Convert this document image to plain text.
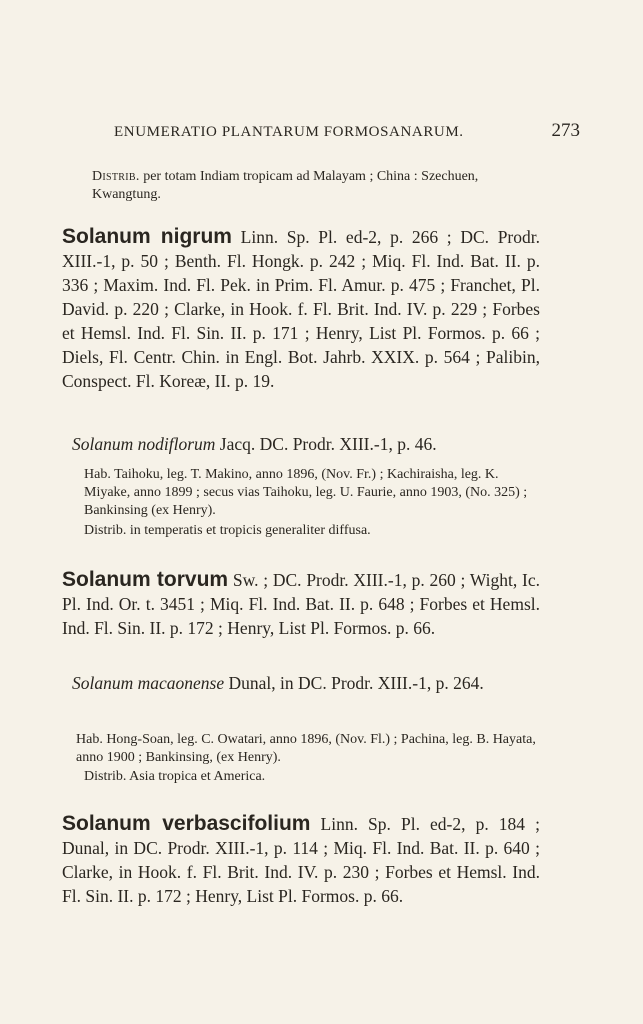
ENUMERATIO PLANTARUM FORMOSANARUM.	273
Distrib. per totam Indiam tropicam ad Malayam ; China : Szechuen, Kwangtung.
Solanum nigrum Linn. Sp. Pl. ed-2, p. 266 ; DC. Prodr. XIII.-1, p. 50 ; Benth. Fl. Hongk. p. 242 ; Miq. Fl. Ind. Bat. II. p. 336 ; Maxim. Ind. Fl. Pek. in Prim. Fl. Amur. p. 475 ; Franchet, Pl. David. p. 220 ; Clarke, in Hook. f. Fl. Brit. Ind. IV. p. 229 ; Forbes et Hemsl. Ind. Fl. Sin. II. p. 171 ; Henry, List Pl. Formos. p. 66 ; Diels, Fl. Centr. Chin. in Engl. Bot. Jahrb. XXIX. p. 564 ; Palibin, Conspect. Fl. Koreæ, II. p. 19.
Solanum nodiflorum Jacq. DC. Prodr. XIII.-1, p. 46.
Hab. Taihoku, leg. T. Makino, anno 1896, (Nov. Fr.) ; Kachiraisha, leg. K. Miyake, anno 1899 ; secus vias Taihoku, leg. U. Faurie, anno 1903, (No. 325) ; Bankinsing (ex Henry).
Distrib. in temperatis et tropicis generaliter diffusa.
Solanum torvum Sw. ; DC. Prodr. XIII.-1, p. 260 ; Wight, Ic. Pl. Ind. Or. t. 3451 ; Miq. Fl. Ind. Bat. II. p. 648 ; Forbes et Hemsl. Ind. Fl. Sin. II. p. 172 ; Henry, List Pl. Formos. p. 66.
Solanum macaonense Dunal, in DC. Prodr. XIII.-1, p. 264.
Hab. Hong-Soan, leg. C. Owatari, anno 1896, (Nov. Fl.) ; Pachina, leg. B. Hayata, anno 1900 ; Bankinsing, (ex Henry).
Distrib. Asia tropica et America.
Solanum verbascifolium Linn. Sp. Pl. ed-2, p. 184 ; Dunal, in DC. Prodr. XIII.-1, p. 114 ; Miq. Fl. Ind. Bat. II. p. 640 ; Clarke, in Hook. f. Fl. Brit. Ind. IV. p. 230 ; Forbes et Hemsl. Ind. Fl. Sin. II. p. 172 ; Henry, List Pl. Formos. p. 66.
